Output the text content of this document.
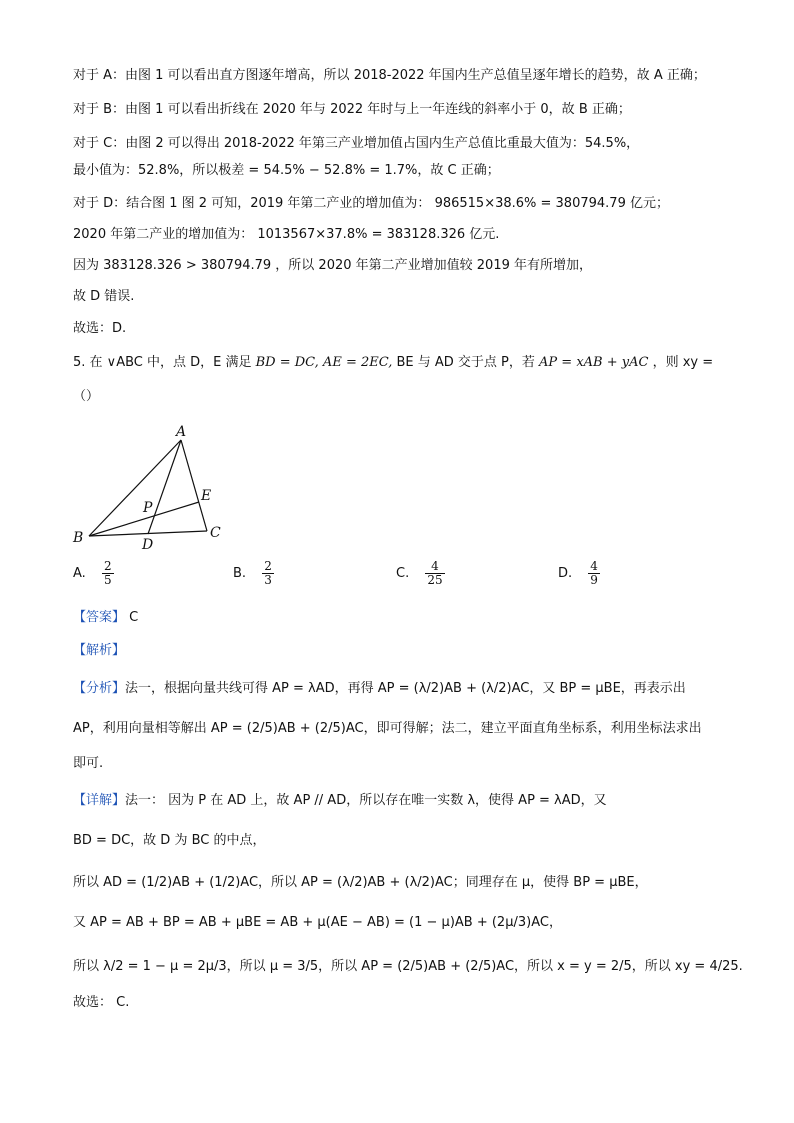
对于 A：由图 1 可以看出直方图逐年增高，所以 2018-2022 年国内生产总值呈逐年增长的趋势，故 A 正确；
对于 B：由图 1 可以看出折线在 2020 年与 2022 年时与上一年连线的斜率小于 0，故 B 正确；
对于 C：由图 2 可以得出 2018-2022 年第三产业增加值占国内生产总值比重最大值为：54.5%，
最小值为：52.8%，所以极差 = 54.5% − 52.8% = 1.7%，故 C 正确；
对于 D：结合图 1 图 2 可知，2019 年第二产业的增加值为： 986515×38.6% = 380794.79 亿元；
2020 年第二产业的增加值为： 1013567×37.8% = 383128.326 亿元.
因为 383128.326 > 380794.79 ，所以 2020 年第二产业增加值较 2019 年有所增加，
故 D 错误.
故选：D.
5. 在 ∨ABC 中，点 D，E 满足 BD = DC, AE = 2EC, BE 与 AD 交于点 P，若 AP = xAB + yAC ，则 xy =
（）
A
B	C
D
E
P
A. $\frac{2}{5}$	B. $\frac{2}{3}$	C. $\frac{4}{25}$	D. $\frac{4}{9}$
【答案】 C
【解析】
【分析】法一，根据向量共线可得 AP = λAD，再得 AP = (λ/2)AB + (λ/2)AC，又 BP = μBE，再表示出
AP，利用向量相等解出 AP = (2/5)AB + (2/5)AC，即可得解；法二，建立平面直角坐标系，利用坐标法求出
即可.
【详解】法一： 因为 P 在 AD 上，故 AP // AD，所以存在唯一实数 λ，使得 AP = λAD，又
BD = DC，故 D 为 BC 的中点，
所以 AD = (1/2)AB + (1/2)AC，所以 AP = (λ/2)AB + (λ/2)AC；同理存在 μ，使得 BP = μBE，
又 AP = AB + BP = AB + μBE = AB + μ(AE − AB) = (1 − μ)AB + (2μ/3)AC，
所以 λ/2 = 1 − μ = 2μ/3，所以 μ = 3/5，所以 AP = (2/5)AB + (2/5)AC，所以 x = y = 2/5，所以 xy = 4/25.
故选： C.
